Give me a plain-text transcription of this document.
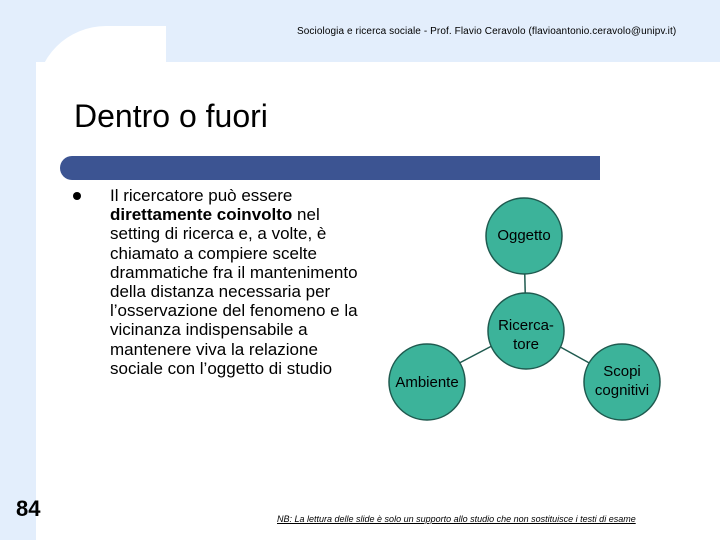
Sociologia e ricerca sociale - Prof. Flavio Ceravolo (flavioantonio.ceravolo@unipv.it)
Dentro o fuori
Il ricercatore può essere direttamente coinvolto nel setting di ricerca e, a volte, è chiamato a compiere scelte drammatiche fra il mantenimento della distanza necessaria per l’osservazione del fenomeno e la vicinanza indispensabile a mantenere viva la relazione sociale con l’oggetto di studio
Oggetto
Ricerca-
tore
Ambiente
Scopi
cognitivi
84	NB: La lettura delle slide è solo un supporto allo studio che non sostituisce i testi di esame
